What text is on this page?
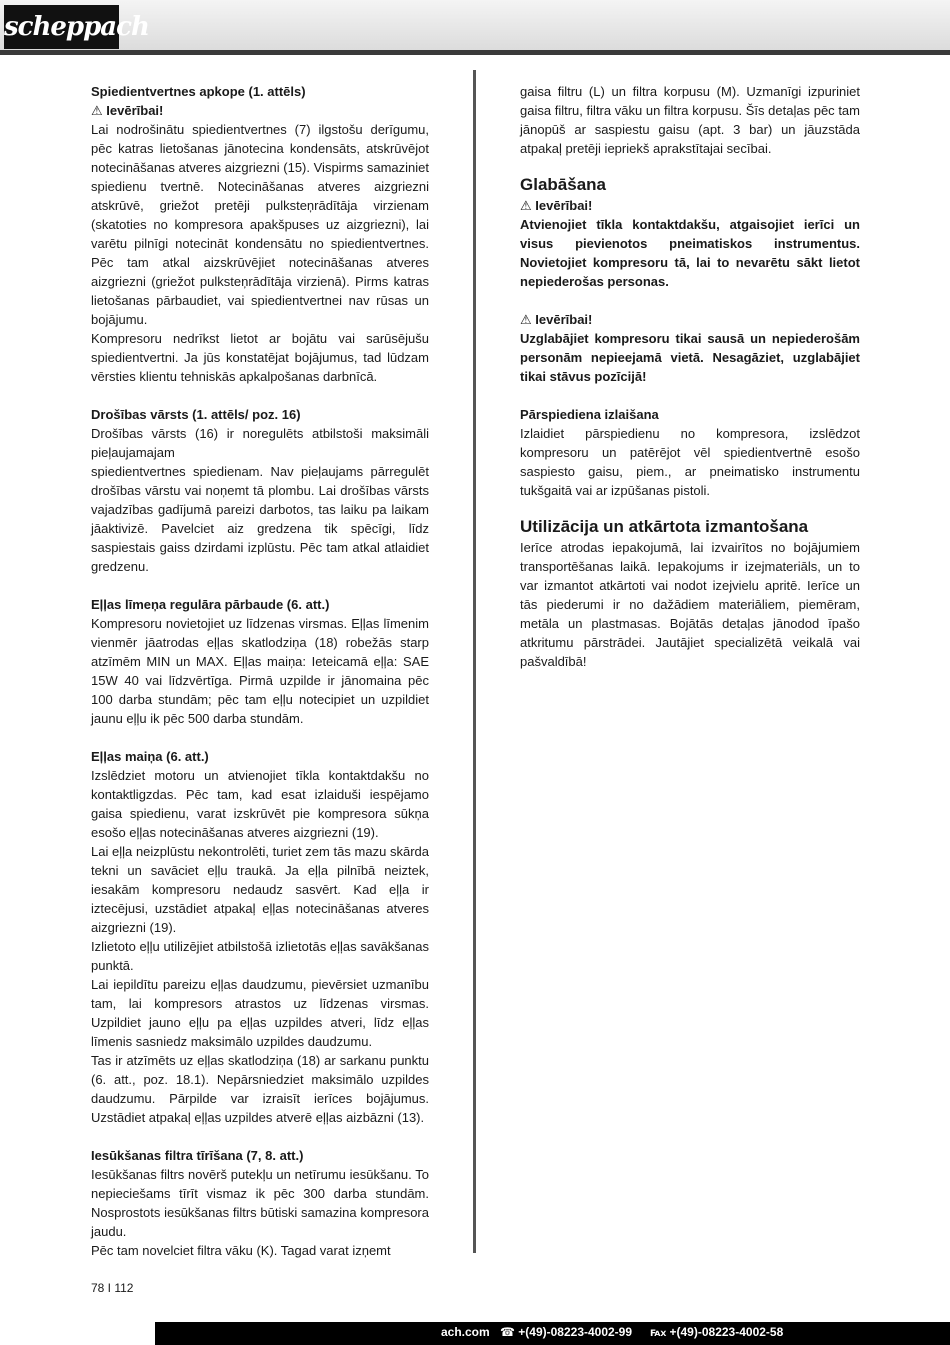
scheppach
Spiedientvertnes apkope (1. attēls)
⚠ Ievērībai!

Lai nodrošinātu spiedientvertnes (7) ilgstošu derīgumu, pēc katras lietošanas jānotecina kondensāts, atskrūvējot notecināšanas atveres aizgriezni (15). Vispirms samaziniet spiedienu tvertnē. Notecināšanas atveres aizgriezni atskrūvē, griežot pretēji pulksteņrādītāja virzienam (skatoties no kompresora apakšpuses uz aizgriezni), lai varētu pilnīgi notecināt kondensātu no spiedientvertnes. Pēc tam atkal aizskrūvējiet notecināšanas atveres aizgriezni (griežot pulksteņrādītāja virzienā). Pirms katras lietošanas pārbaudiet, vai spiedientvertnei nav rūsas un bojājumu.

Kompresoru nedrīkst lietot ar bojātu vai sarūsējušu spiedientvertni. Ja jūs konstatējat bojājumus, tad lūdzam vērsties klientu tehniskās apkalpošanas darbnīcā.

Drošības vārsts (1. attēls/ poz. 16)

Drošības vārsts (16) ir noregulēts atbilstoši maksimāli pieļaujamajam

spiedientvertnes spiedienam. Nav pieļaujams pārregulēt drošības vārstu vai noņemt tā plombu. Lai drošības vārsts vajadzības gadījumā pareizi darbotos, tas laiku pa laikam jāaktivizē. Pavelciet aiz gredzena tik spēcīgi, līdz saspiestais gaiss dzirdami izplūstu. Pēc tam atkal atlaidiet gredzenu.

Eļļas līmeņa regulāra pārbaude (6. att.)

Kompresoru novietojiet uz līdzenas virsmas. Eļļas līmenim vienmēr jāatrodas eļļas skatlodziņa (18) robežās starp atzīmēm MIN un MAX. Eļļas maiņa: Ieteicamā eļļa: SAE 15W 40 vai līdzvērtīga. Pirmā uzpilde ir jānomaina pēc 100 darba stundām; pēc tam eļļu notecipiet un uzpildiet jaunu eļļu ik pēc 500 darba stundām.

Eļļas maiņa (6. att.)

Izslēdziet motoru un atvienojiet tīkla kontaktdakšu no kontaktligzdas. Pēc tam, kad esat izlaiduši iespējamo gaisa spiedienu, varat izskrūvēt pie kompresora sūkņa esošo eļļas notecināšanas atveres aizgriezni (19).

Lai eļļa neizplūstu nekontrolēti, turiet zem tās mazu skārda tekni un savāciet eļļu traukā. Ja eļļa pilnībā neiztek, iesakām kompresoru nedaudz sasvērt. Kad eļļa ir iztecējusi, uzstādiet atpakaļ eļļas notecināšanas atveres aizgriezni (19).

Izlietoto eļļu utilizējiet atbilstošā izlietotās eļļas savākšanas punktā.

Lai iepildītu pareizu eļļas daudzumu, pievērsiet uzmanību tam, lai kompresors atrastos uz līdzenas virsmas. Uzpildiet jauno eļļu pa eļļas uzpildes atveri, līdz eļļas līmenis sasniedz maksimālo uzpildes daudzumu.

Tas ir atzīmēts uz eļļas skatlodziņa (18) ar sarkanu punktu (6. att., poz. 18.1). Nepārsniedziet maksimālo uzpildes daudzumu. Pārpilde var izraisīt ierīces bojājumus. Uzstādiet atpakaļ eļļas uzpildes atverē eļļas aizbāzni (13).

Iesūkšanas filtra tīrīšana (7, 8. att.)

Iesūkšanas filtrs novērš putekļu un netīrumu iesūkšanu. To nepieciešams tīrīt vismaz ik pēc 300 darba stundām. Nosprostots iesūkšanas filtrs būtiski samazina kompresora jaudu.

Pēc tam novelciet filtra vāku (K). Tagad varat izņemt

gaisa filtru (L) un filtra korpusu (M). Uzmanīgi izpuriniet gaisa filtru, filtra vāku un filtra korpusu. Šīs detaļas pēc tam jānopūš ar saspiestu gaisu (apt. 3 bar) un jāuzstāda atpakaļ pretēji iepriekš aprakstītajai secībai.

Glabāšana
⚠ Ievērībai!

Atvienojiet tīkla kontaktdakšu, atgaisojiet ierīci un visus pievienotos pneimatiskos instrumentus. Novietojiet kompresoru tā, lai to nevarētu sākt lietot nepiederošas personas.

⚠ Ievērībai!

Uzglabājiet kompresoru tikai sausā un nepiederošām personām nepieejamā vietā. Nesagāziet, uzglabājiet tikai stāvus pozīcijā!

Pārspiediena izlaišana

Izlaidiet pārspiedienu no kompresora, izslēdzot kompresoru un patērējot vēl spiedientvertnē esošo saspiesto gaisu, piem., ar pneimatisko instrumentu tukšgaitā vai ar izpūšanas pistoli.

Utilizācija un atkārtota izmantošana

Ierīce atrodas iepakojumā, lai izvairītos no bojājumiem transportēšanas laikā. Iepakojums ir izejmateriāls, un to var izmantot atkārtoti vai nodot izejvielu apritē. Ierīce un tās piederumi ir no dažādiem materiāliem, piemēram, metāla un plastmasas. Bojātās detaļas jānodod īpašo atkritumu pārstrādei. Jautājiet specializētā veikalā vai pašvaldībā!

78 I 112
ach.com ☎ +(49)-08223-4002-99 ℻ +(49)-08223-4002-58
